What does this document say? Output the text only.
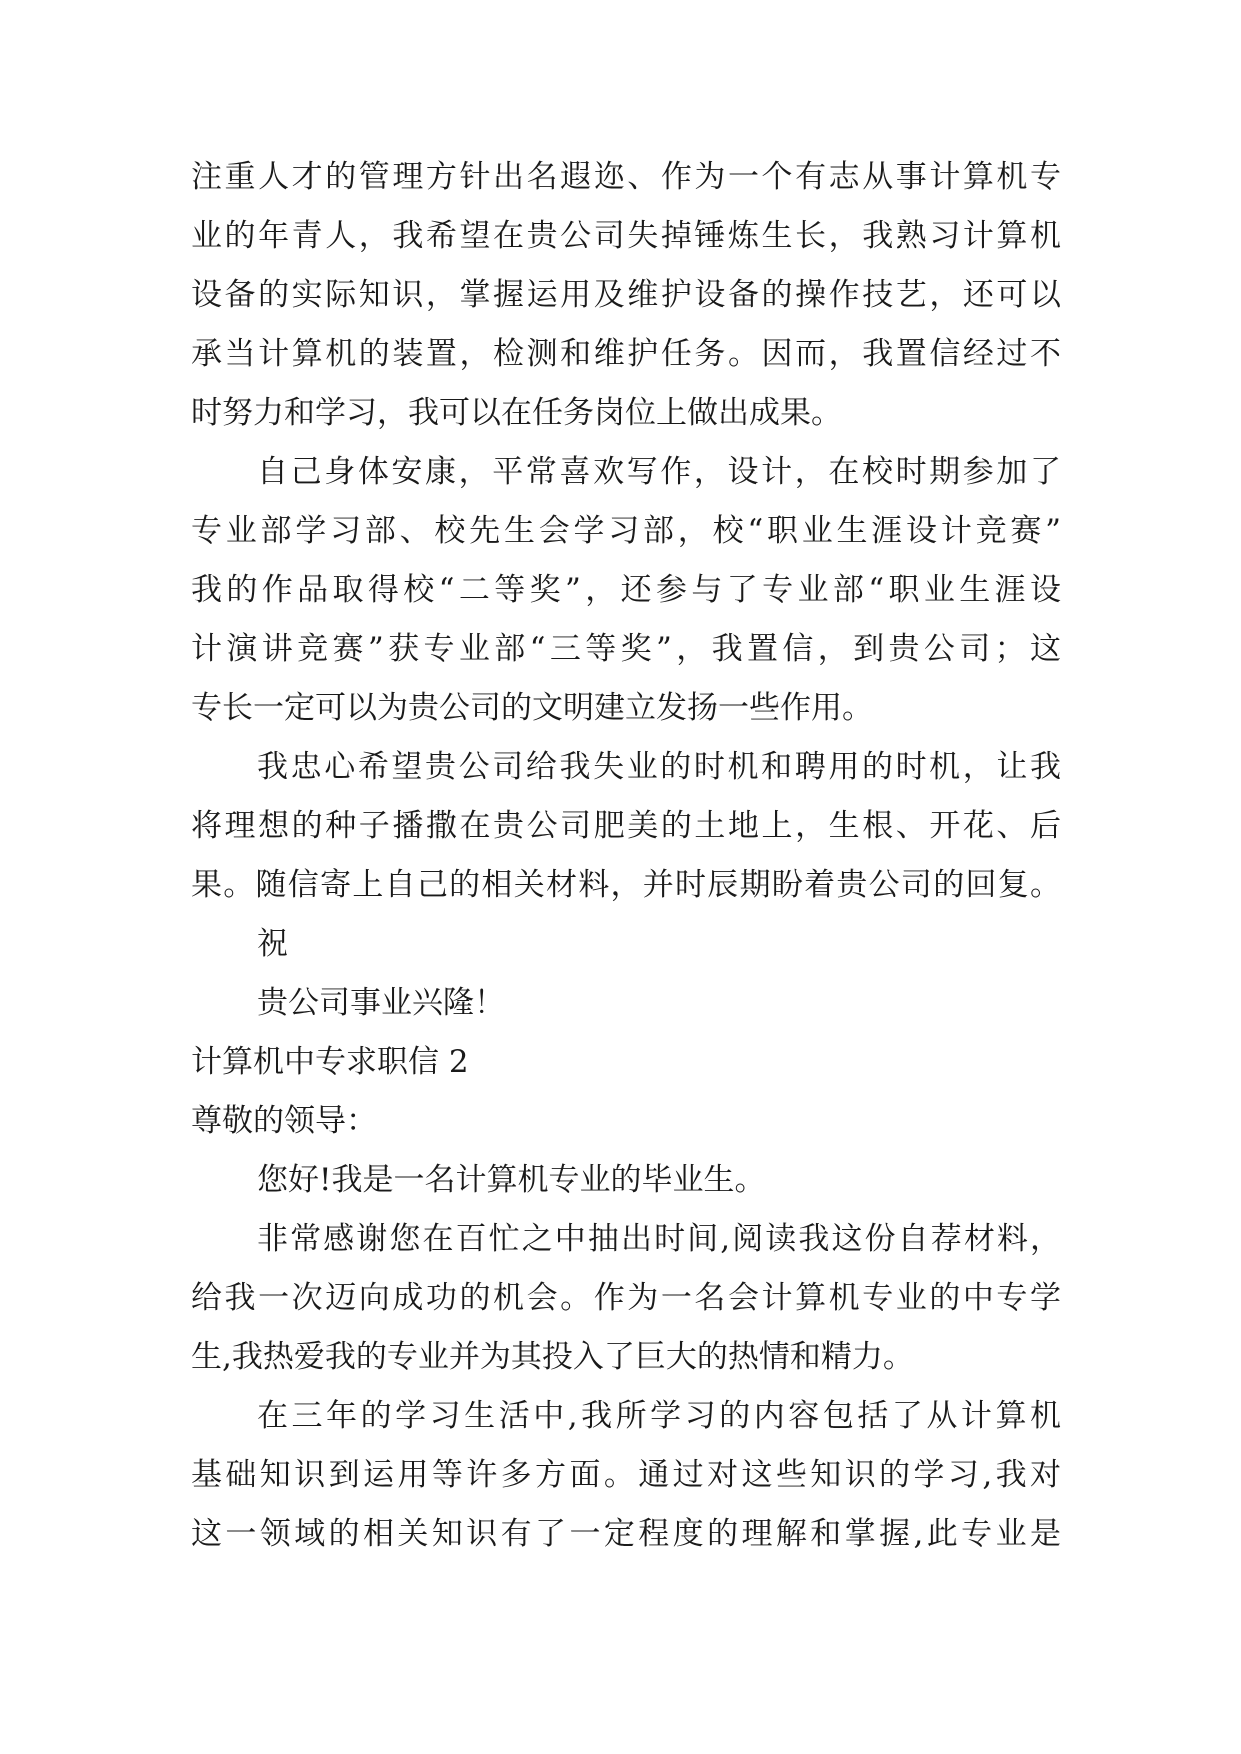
注重人才的管理方针出名遐迩、作为一个有志从事计算机专
业的年青人，我希望在贵公司失掉锤炼生长，我熟习计算机
设备的实际知识，掌握运用及维护设备的操作技艺，还可以
承当计算机的装置，检测和维护任务。因而，我置信经过不
时努力和学习，我可以在任务岗位上做出成果。
自己身体安康，平常喜欢写作，设计，在校时期参加了
专业部学习部、校先生会学习部，校“职业生涯设计竞赛”
我的作品取得校“二等奖”，还参与了专业部“职业生涯设
计演讲竞赛”获专业部“三等奖”，我置信，到贵公司；这
专长一定可以为贵公司的文明建立发扬一些作用。
我忠心希望贵公司给我失业的时机和聘用的时机，让我
将理想的种子播撒在贵公司肥美的土地上，生根、开花、后
果。随信寄上自己的相关材料，并时辰期盼着贵公司的回复。
祝
贵公司事业兴隆！
计算机中专求职信 2
尊敬的领导：
您好!我是一名计算机专业的毕业生。
非常感谢您在百忙之中抽出时间,阅读我这份自荐材料，
给我一次迈向成功的机会。作为一名会计算机专业的中专学
生,我热爱我的专业并为其投入了巨大的热情和精力。
在三年的学习生活中,我所学习的内容包括了从计算机
基础知识到运用等许多方面。通过对这些知识的学习,我对
这一领域的相关知识有了一定程度的理解和掌握,此专业是
